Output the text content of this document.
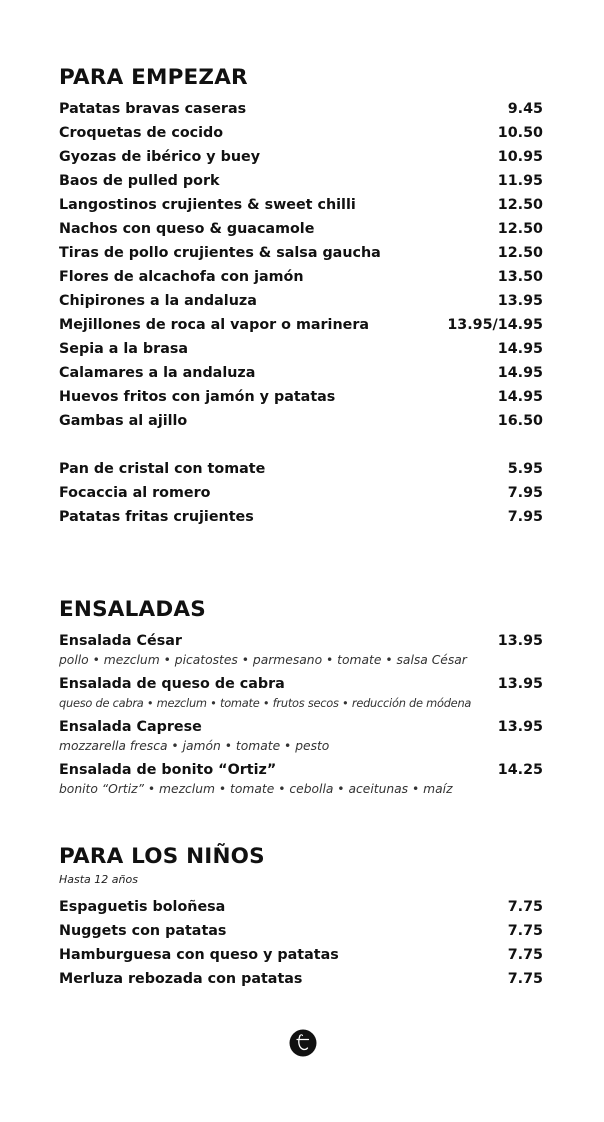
PARA EMPEZAR
Patatas bravas caseras	9.45
Croquetas de cocido	10.50
Gyozas de ibérico y buey	10.95
Baos de pulled pork	11.95
Langostinos crujientes & sweet chilli	12.50
Nachos con queso & guacamole	12.50
Tiras de pollo crujientes & salsa gaucha	12.50
Flores de alcachofa con jamón	13.50
Chipirones a la andaluza	13.95
Mejillones de roca al vapor o marinera	13.95/14.95
Sepia a la brasa	14.95
Calamares a la andaluza	14.95
Huevos fritos con jamón y patatas	14.95
Gambas al ajillo	16.50
Pan de cristal con tomate	5.95
Focaccia al romero	7.95
Patatas fritas crujientes	7.95
ENSALADAS
Ensalada César	13.95
pollo • mezclum • picatostes • parmesano • tomate • salsa César
Ensalada de queso de cabra	13.95
queso de cabra • mezclum • tomate • frutos secos • reducción de módena
Ensalada Caprese	13.95
mozzarella fresca • jamón • tomate • pesto
Ensalada de bonito “Ortiz”	14.25
bonito “Ortiz” • mezclum • tomate • cebolla • aceitunas • maíz
PARA LOS NIÑOS
Hasta 12 años
Espaguetis boloñesa	7.75
Nuggets con patatas	7.75
Hamburguesa con queso y patatas	7.75
Merluza rebozada con patatas	7.75
